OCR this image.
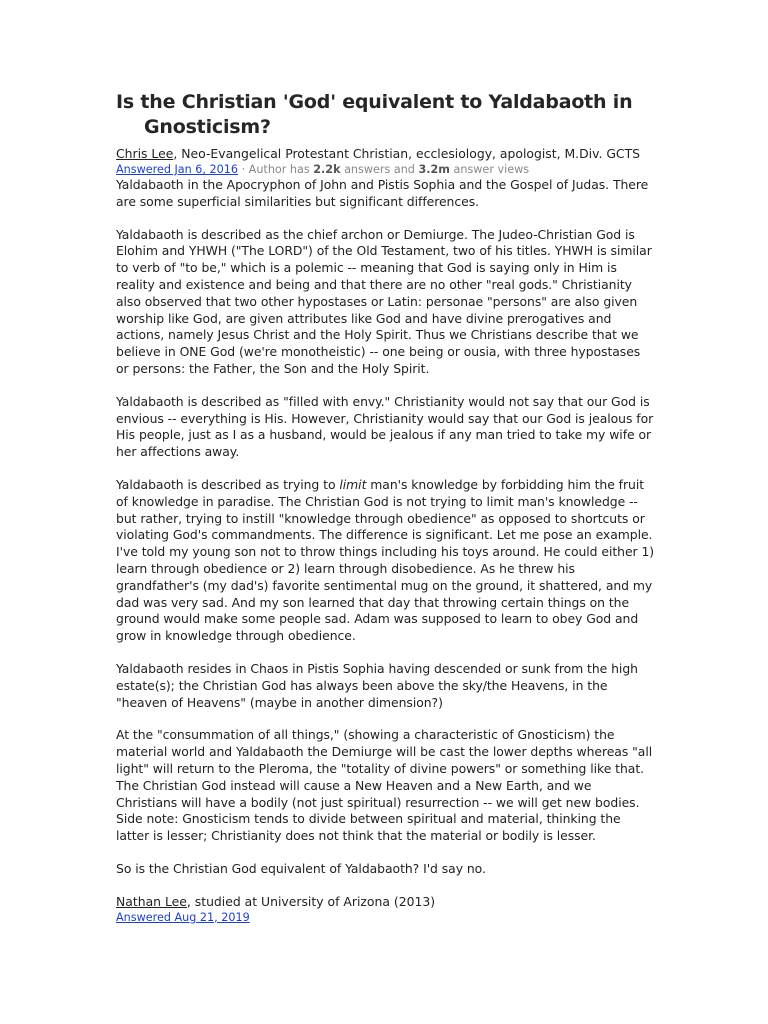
Is the Christian 'God' equivalent to Yaldabaoth in Gnosticism?
Chris Lee, Neo-Evangelical Protestant Christian, ecclesiology, apologist, M.Div. GCTS
Answered Jan 6, 2016 · Author has 2.2k answers and 3.2m answer views

Yaldabaoth in the Apocryphon of John and Pistis Sophia and the Gospel of Judas. There are some superficial similarities but significant differences.

Yaldabaoth is described as the chief archon or Demiurge. The Judeo-Christian God is Elohim and YHWH ("The LORD") of the Old Testament, two of his titles. YHWH is similar to verb of "to be," which is a polemic -- meaning that God is saying only in Him is reality and existence and being and that there are no other "real gods." Christianity also observed that two other hypostases or Latin: personae "persons" are also given worship like God, are given attributes like God and have divine prerogatives and actions, namely Jesus Christ and the Holy Spirit. Thus we Christians describe that we believe in ONE God (we're monotheistic) -- one being or ousia, with three hypostases or persons: the Father, the Son and the Holy Spirit.

Yaldabaoth is described as "filled with envy." Christianity would not say that our God is envious -- everything is His. However, Christianity would say that our God is jealous for His people, just as I as a husband, would be jealous if any man tried to take my wife or her affections away.

Yaldabaoth is described as trying to limit man's knowledge by forbidding him the fruit of knowledge in paradise. The Christian God is not trying to limit man's knowledge -- but rather, trying to instill "knowledge through obedience" as opposed to shortcuts or violating God's commandments. The difference is significant. Let me pose an example. I've told my young son not to throw things including his toys around. He could either 1) learn through obedience or 2) learn through disobedience. As he threw his grandfather's (my dad's) favorite sentimental mug on the ground, it shattered, and my dad was very sad. And my son learned that day that throwing certain things on the ground would make some people sad. Adam was supposed to learn to obey God and grow in knowledge through obedience.

Yaldabaoth resides in Chaos in Pistis Sophia having descended or sunk from the high estate(s); the Christian God has always been above the sky/the Heavens, in the "heaven of Heavens" (maybe in another dimension?)

At the "consummation of all things," (showing a characteristic of Gnosticism) the material world and Yaldabaoth the Demiurge will be cast the lower depths whereas "all light" will return to the Pleroma, the "totality of divine powers" or something like that. The Christian God instead will cause a New Heaven and a New Earth, and we Christians will have a bodily (not just spiritual) resurrection -- we will get new bodies. Side note: Gnosticism tends to divide between spiritual and material, thinking the latter is lesser; Christianity does not think that the material or bodily is lesser.

So is the Christian God equivalent of Yaldabaoth? I'd say no.

Nathan Lee, studied at University of Arizona (2013)
Answered Aug 21, 2019
